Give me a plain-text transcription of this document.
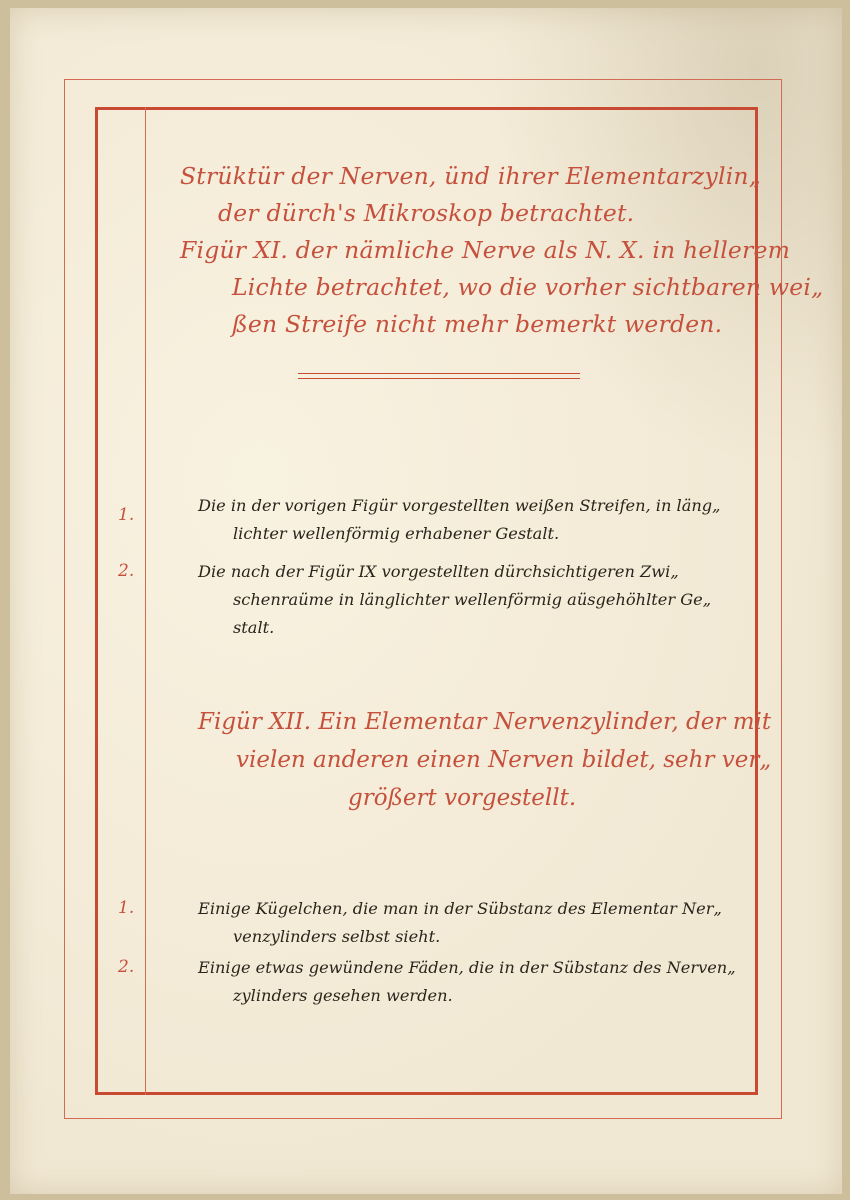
Strüktür der Nerven, ünd ihrer Elementarzylin„
der dürch's Mikroskop betrachtet.
Figür XI. der nämliche Nerve als N. X. in hellerem
Lichte betrachtet, wo die vorher sichtbaren wei„
ßen Streife nicht mehr bemerkt werden.
1.	Die in der vorigen Figür vorgestellten weißen Streifen, in läng„
lichter wellenförmig erhabener Gestalt.
2.	Die nach der Figür IX vorgestellten dürchsichtigeren Zwi„
schenraüme in länglichter wellenförmig aüsgehöhlter Ge„
stalt.
Figür XII. Ein Elementar Nervenzylinder, der mit
vielen anderen einen Nerven bildet, sehr ver„
größert vorgestellt.
1.	Einige Kügelchen, die man in der Sübstanz des Elementar Ner„
venzylinders selbst sieht.
2.	Einige etwas gewündene Fäden, die in der Sübstanz des Nerven„
zylinders gesehen werden.
